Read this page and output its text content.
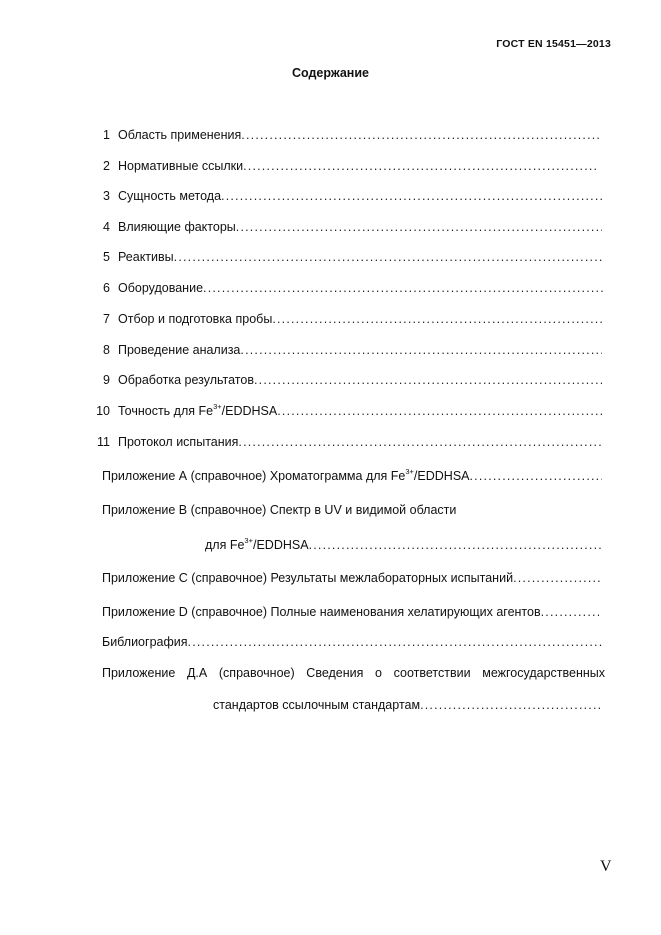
ГОСТ EN 15451—2013
Содержание
1 Область применения
.....
2 Нормативные ссылки
.....
3 Сущность метода
.....
4 Влияющие факторы
.....
5 Реактивы
.....
6 Оборудование
.....
7 Отбор и подготовка пробы
.....
8 Проведение анализа
.....
9 Обработка результатов
.....
10 Точность для $Fe^{3+}$/EDDHSA
.....
11 Протокол испытания
.....
Приложение А (справочное) Хроматограмма для $Fe^{3+}$/EDDHSA
.....
Приложение В (справочное) Спектр в UV и видимой области
для $Fe^{3+}$/EDDHSA
.....
Приложение С (справочное) Результаты межлабораторных испытаний
.....
Приложение D (справочное) Полные наименования хелатирующих агентов
.....
Библиография
.....
Приложение Д.А (справочное) Сведения о соответствии межгосударственных
стандартов ссылочным стандартам
.....
V
